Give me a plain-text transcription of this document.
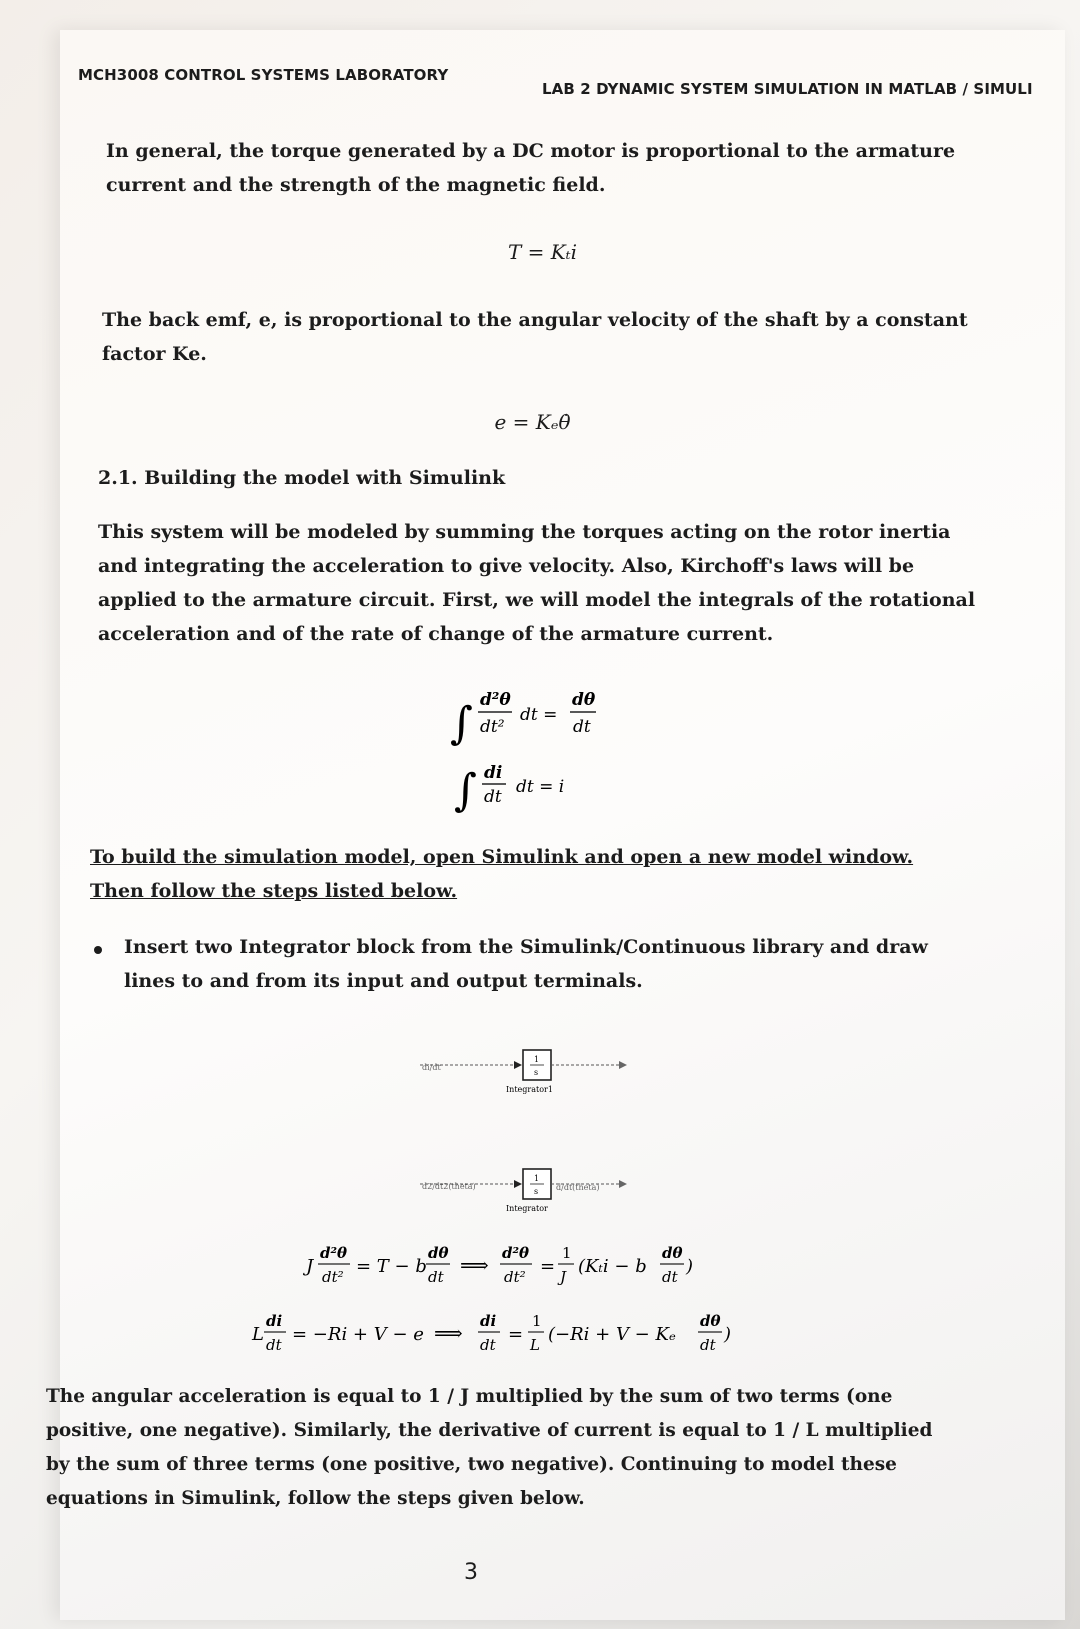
MCH3008 CONTROL SYSTEMS LABORATORY
LAB 2 DYNAMIC SYSTEM SIMULATION IN MATLAB / SIMULI
In general, the torque generated by a DC motor is proportional to the armature current and the strength of the magnetic field.
T = Kₜi
The back emf, e, is proportional to the angular velocity of the shaft by a constant factor Ke.
e = Kₑθ̇
2.1. Building the model with Simulink
This system will be modeled by summing the torques acting on the rotor inertia and integrating the acceleration to give velocity. Also, Kirchoff's laws will be applied to the armature circuit. First, we will model the integrals of the rotational acceleration and of the rate of change of the armature current.
∫ d²θ
dt²
dt =
dθ
dt
∫ di
dt dt = i
To build the simulation model, open Simulink and open a new model window. Then follow the steps listed below.
Insert two Integrator block from the Simulink/Continuous library and draw lines to and from its input and output terminals.
di/dt
1
s
Integrator1
d2/dt2(theta)
1
s d/dt(theta)
Integrator
J
d²θ
dt² = T − b
dθ
dt ⟹ d²θ
dt² =
1
J (Kₜi − b
dθ
dt )
L
di
dt = −Ri + V − e ⟹ di
dt =
1
L (−Ri + V − Kₑ
dθ
dt )
The angular acceleration is equal to 1 / J multiplied by the sum of two terms (one positive, one negative). Similarly, the derivative of current is equal to 1 / L multiplied by the sum of three terms (one positive, two negative). Continuing to model these equations in Simulink, follow the steps given below.
3
